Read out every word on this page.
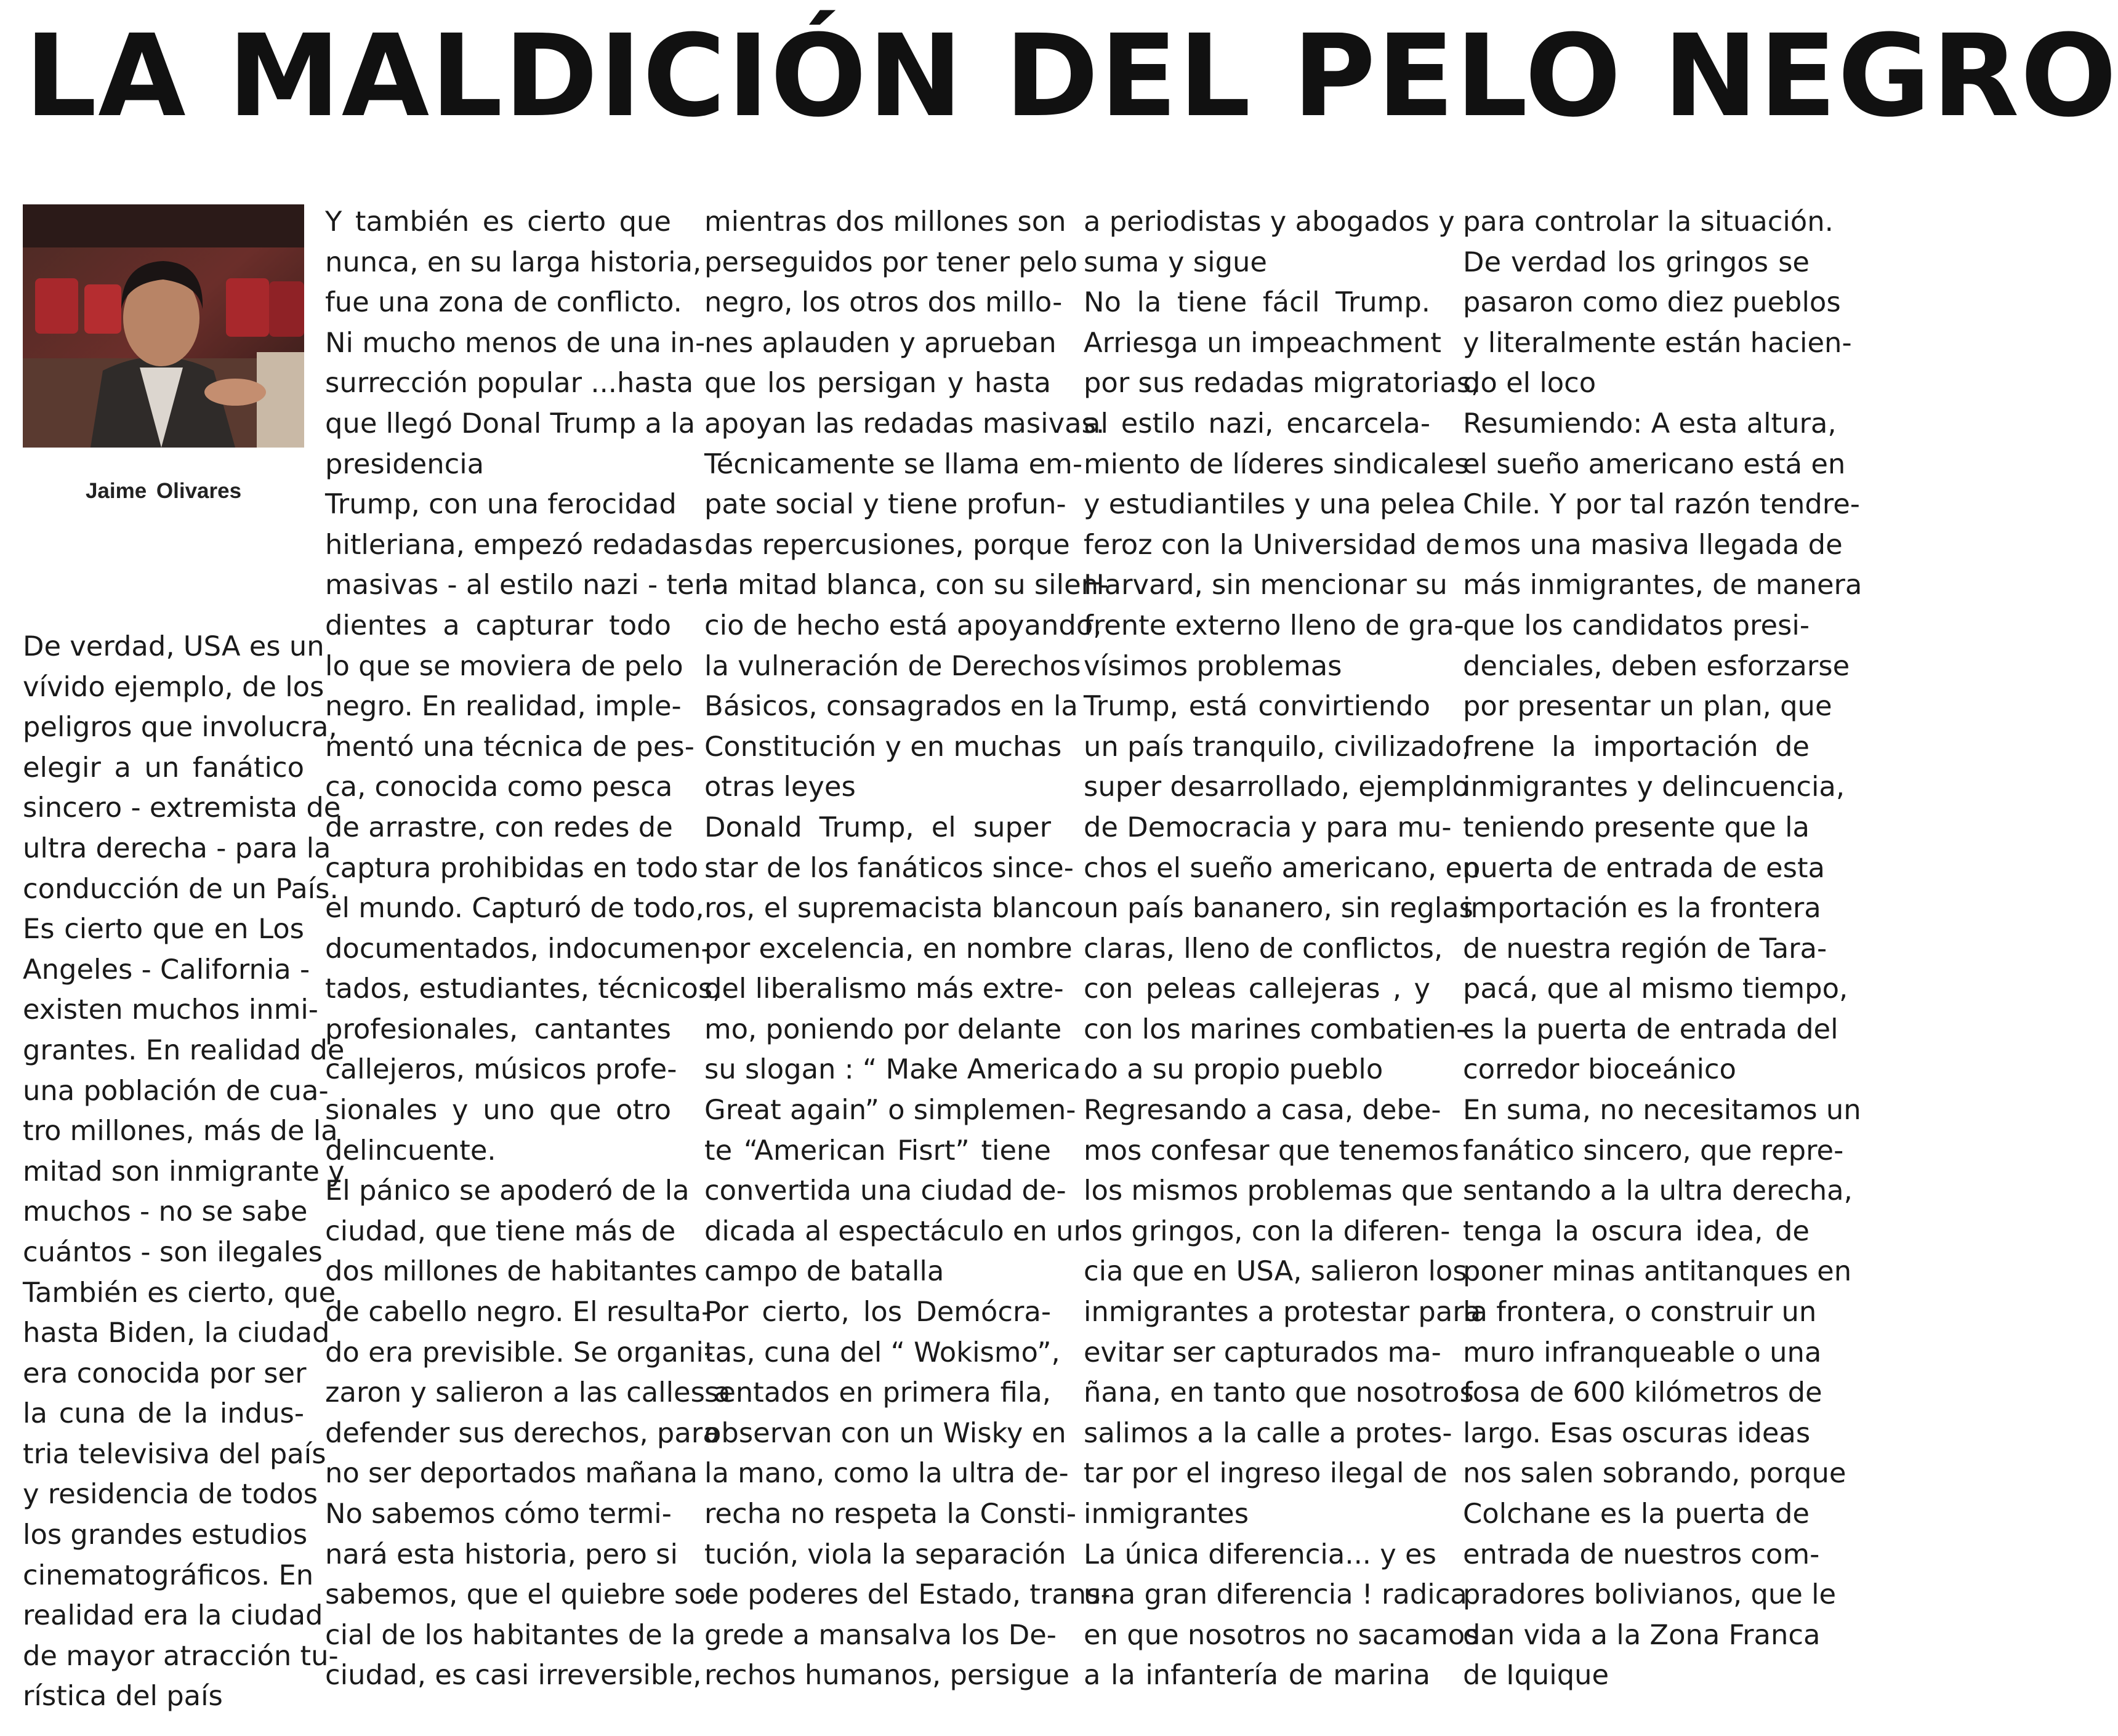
LA MALDICIÓN DEL PELO NEGRO
Jaime Olivares
De verdad, USA es un
vívido ejemplo, de los
peligros que involucra,
elegir a un fanático
sincero - extremista de
ultra derecha - para la
conducción de un País.
Es cierto que en Los
Angeles - California -
existen muchos inmi-
grantes. En realidad de
una población de cua-
tro millones, más de la
mitad son inmigrante y
muchos - no se sabe
cuántos - son ilegales
También es cierto, que
hasta Biden, la ciudad
era conocida por ser
la cuna de la indus-
tria televisiva del país
y residencia de todos
los grandes estudios
cinematográficos. En
realidad era la ciudad
de mayor atracción tu-
rística del país
Y también es cierto que
nunca, en su larga historia,
fue una zona de conflicto.
Ni mucho menos de una in-
surrección popular ...hasta
que llegó Donal Trump a la
presidencia
Trump, con una ferocidad
hitleriana, empezó redadas
masivas - al estilo nazi - ten-
dientes a capturar todo
lo que se moviera de pelo
negro. En realidad, imple-
mentó una técnica de pes-
ca, conocida como pesca
de arrastre, con redes de
captura prohibidas en todo
el mundo. Capturó de todo,
documentados, indocumen-
tados, estudiantes, técnicos,
profesionales, cantantes
callejeros, músicos profe-
sionales y uno que otro
delincuente.
El pánico se apoderó de la
ciudad, que tiene más de
dos millones de habitantes
de cabello negro. El resulta-
do era previsible. Se organi-
zaron y salieron a las calles a
defender sus derechos, para
no ser deportados mañana
No sabemos cómo termi-
nará esta historia, pero si
sabemos, que el quiebre so-
cial de los habitantes de la
ciudad, es casi irreversible,
mientras dos millones son
perseguidos por tener pelo
negro, los otros dos millo-
nes aplauden y aprueban
que los persigan y hasta
apoyan las redadas masivas.
Técnicamente se llama em-
pate social y tiene profun-
das repercusiones, porque
la mitad blanca, con su silen-
cio de hecho está apoyando,
la vulneración de Derechos
Básicos, consagrados en la
Constitución y en muchas
otras leyes
Donald Trump, el super
star de los fanáticos since-
ros, el supremacista blanco
por excelencia, en nombre
del liberalismo más extre-
mo, poniendo por delante
su slogan : “ Make America
Great again” o simplemen-
te “American Fisrt” tiene
convertida una ciudad de-
dicada al espectáculo en un
campo de batalla
Por cierto, los Demócra-
tas, cuna del “ Wokismo”,
sentados en primera fila,
observan con un Wisky en
la mano, como la ultra de-
recha no respeta la Consti-
tución, viola la separación
de poderes del Estado, trans-
grede a mansalva los De-
rechos humanos, persigue
a periodistas y abogados y
suma y sigue
No la tiene fácil Trump.
Arriesga un impeachment
por sus redadas migratorias,
al estilo nazi, encarcela-
miento de líderes sindicales
y estudiantiles y una pelea
feroz con la Universidad de
Harvard, sin mencionar su
frente externo lleno de gra-
vísimos problemas
Trump, está convirtiendo
un país tranquilo, civilizado,
super desarrollado, ejemplo
de Democracia y para mu-
chos el sueño americano, en
un país bananero, sin reglas
claras, lleno de conflictos,
con peleas callejeras , y
con los marines combatien-
do a su propio pueblo
Regresando a casa, debe-
mos confesar que tenemos
los mismos problemas que
los gringos, con la diferen-
cia que en USA, salieron los
inmigrantes a protestar para
evitar ser capturados ma-
ñana, en tanto que nosotros
salimos a la calle a protes-
tar por el ingreso ilegal de
inmigrantes
La única diferencia... y es
una gran diferencia ! radica
en que nosotros no sacamos
a la infantería de marina
para controlar la situación.
De verdad los gringos se
pasaron como diez pueblos
y literalmente están hacien-
do el loco
Resumiendo: A esta altura,
el sueño americano está en
Chile. Y por tal razón tendre-
mos una masiva llegada de
más inmigrantes, de manera
que los candidatos presi-
denciales, deben esforzarse
por presentar un plan, que
frene la importación de
inmigrantes y delincuencia,
teniendo presente que la
puerta de entrada de esta
importación es la frontera
de nuestra región de Tara-
pacá, que al mismo tiempo,
es la puerta de entrada del
corredor bioceánico
En suma, no necesitamos un
fanático sincero, que repre-
sentando a la ultra derecha,
tenga la oscura idea, de
poner minas antitanques en
la frontera, o construir un
muro infranqueable o una
fosa de 600 kilómetros de
largo. Esas oscuras ideas
nos salen sobrando, porque
Colchane es la puerta de
entrada de nuestros com-
pradores bolivianos, que le
dan vida a la Zona Franca
de Iquique
